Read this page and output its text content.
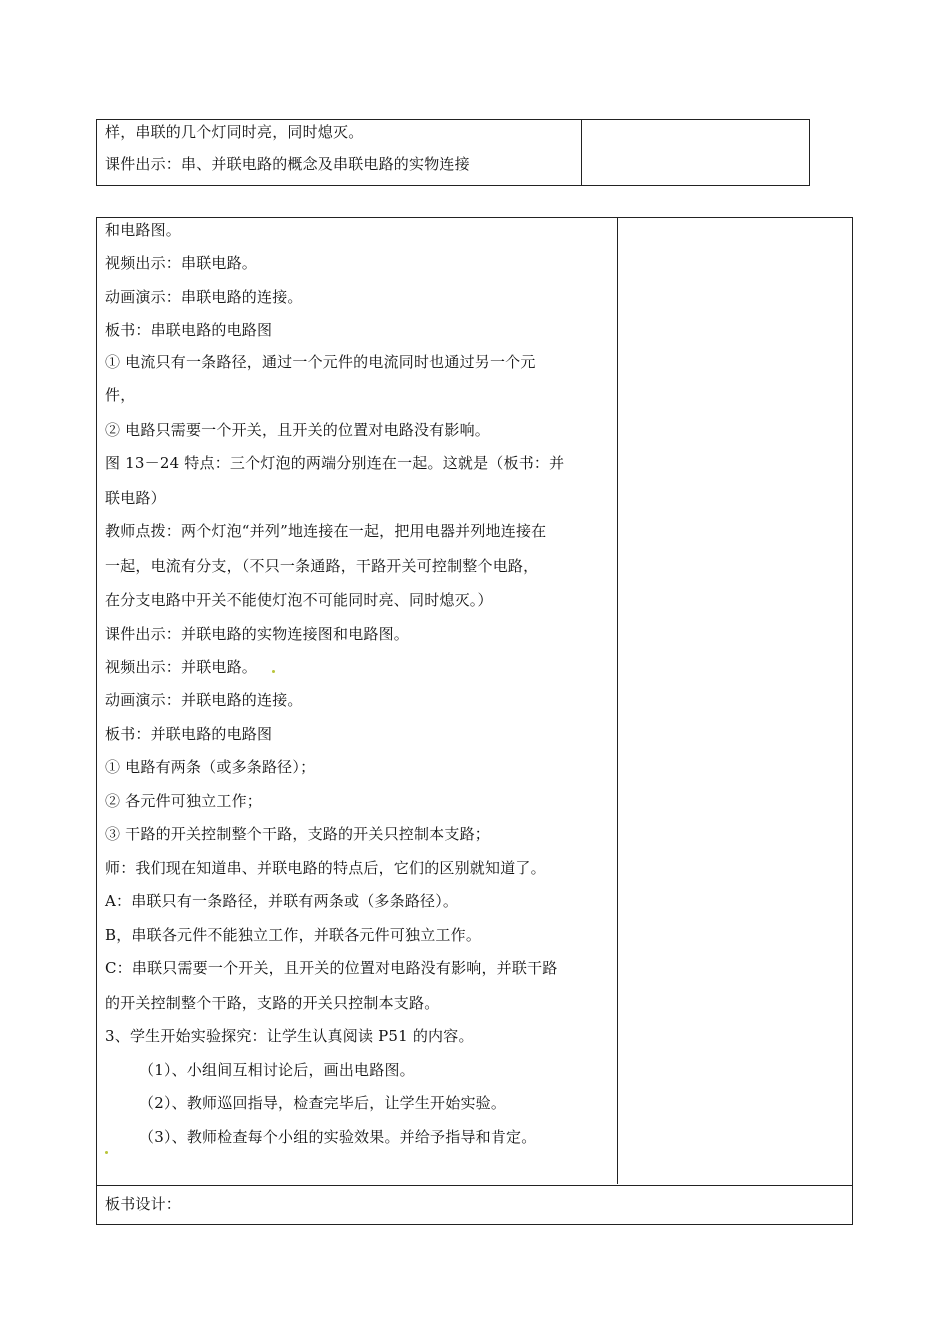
样，串联的几个灯同时亮，同时熄灭。
课件出示：串、并联电路的概念及串联电路的实物连接
和电路图。
视频出示：串联电路。
动画演示：串联电路的连接。
板书：串联电路的电路图
① 电流只有一条路径，通过一个元件的电流同时也通过另一个元
件，
② 电路只需要一个开关，且开关的位置对电路没有影响。
图 13－24 特点：三个灯泡的两端分别连在一起。这就是（板书：并
联电路）
教师点拨：两个灯泡“并列”地连接在一起，把用电器并列地连接在
一起，电流有分支，（不只一条通路，干路开关可控制整个电路，
在分支电路中开关不能使灯泡不可能同时亮、同时熄灭。）
课件出示：并联电路的实物连接图和电路图。
视频出示：并联电路。
动画演示：并联电路的连接。
板书：并联电路的电路图
① 电路有两条（或多条路径）；
② 各元件可独立工作；
③ 干路的开关控制整个干路，支路的开关只控制本支路；
师：我们现在知道串、并联电路的特点后，它们的区别就知道了。
A：串联只有一条路径，并联有两条或（多条路径）。
B，串联各元件不能独立工作，并联各元件可独立工作。
C：串联只需要一个开关，且开关的位置对电路没有影响，并联干路
的开关控制整个干路，支路的开关只控制本支路。
3、学生开始实验探究：让学生认真阅读 P51 的内容。
（1）、小组间互相讨论后，画出电路图。
（2）、教师巡回指导，检查完毕后，让学生开始实验。
（3）、教师检查每个小组的实验效果。并给予指导和肯定。
板书设计：
